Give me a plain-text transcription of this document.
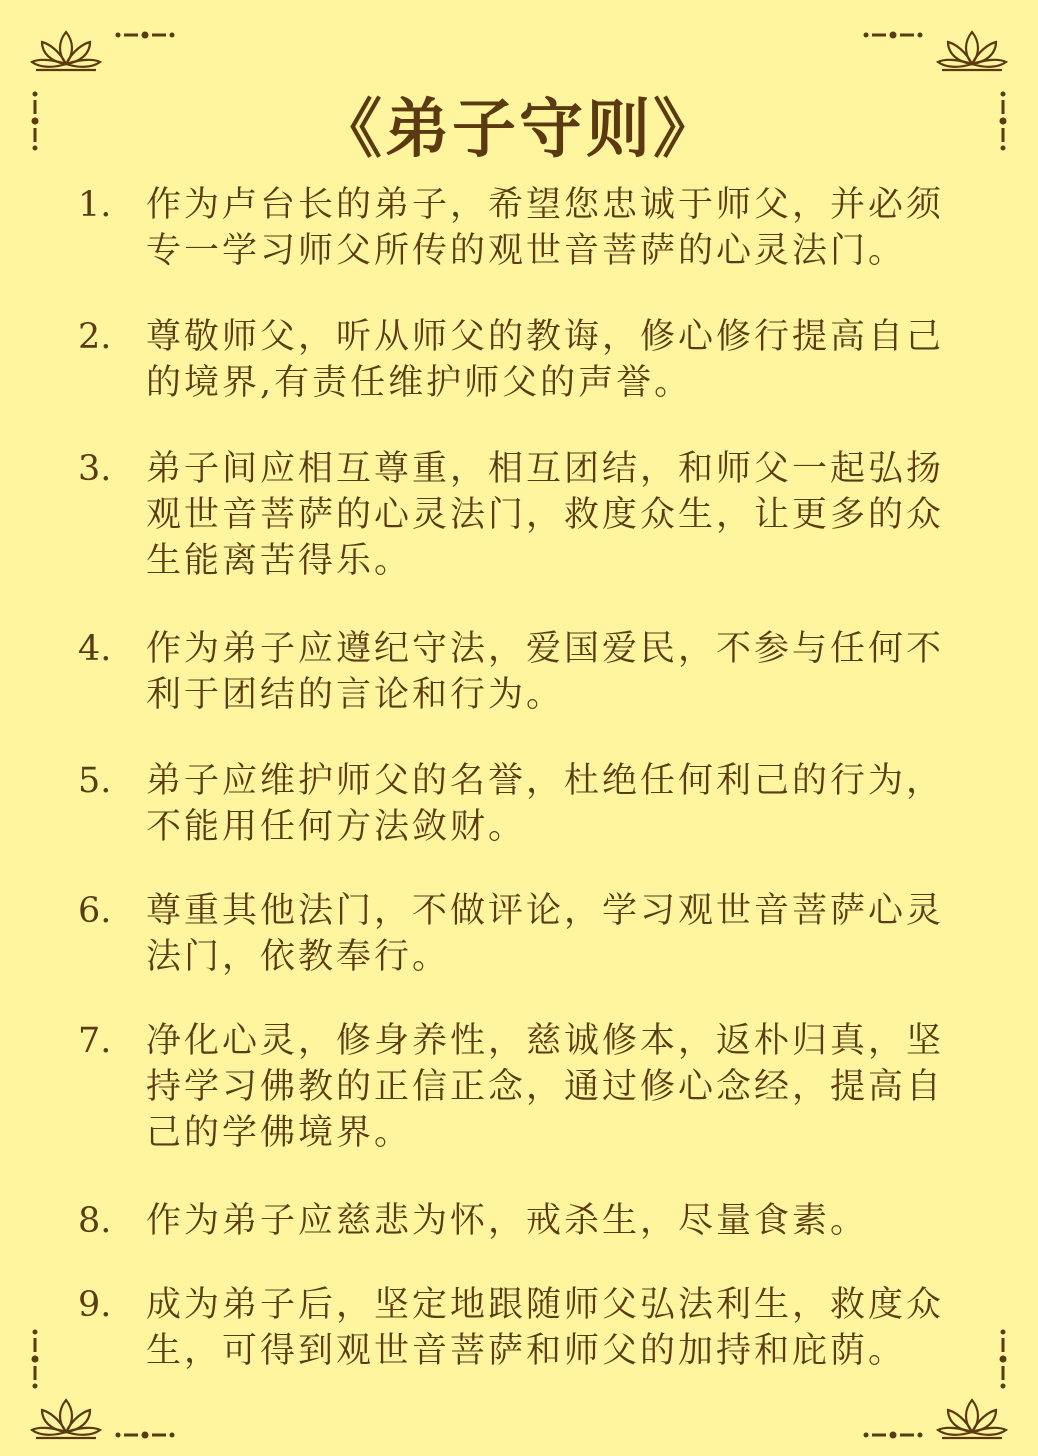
《弟子守则》
1. 作为卢台长的弟子，希望您忠诚于师父，并必须专一学习师父所传的观世音菩萨的心灵法门。
2. 尊敬师父，听从师父的教诲，修心修行提高自己的境界,有责任维护师父的声誉。
3. 弟子间应相互尊重，相互团结，和师父一起弘扬观世音菩萨的心灵法门，救度众生，让更多的众生能离苦得乐。
4. 作为弟子应遵纪守法，爱国爱民，不参与任何不利于团结的言论和行为。
5. 弟子应维护师父的名誉，杜绝任何利己的行为，不能用任何方法敛财。
6. 尊重其他法门，不做评论，学习观世音菩萨心灵法门，依教奉行。
7. 净化心灵，修身养性，慈诚修本，返朴归真，坚持学习佛教的正信正念，通过修心念经，提高自己的学佛境界。
8. 作为弟子应慈悲为怀，戒杀生，尽量食素。
9. 成为弟子后，坚定地跟随师父弘法利生，救度众生，可得到观世音菩萨和师父的加持和庇荫。
